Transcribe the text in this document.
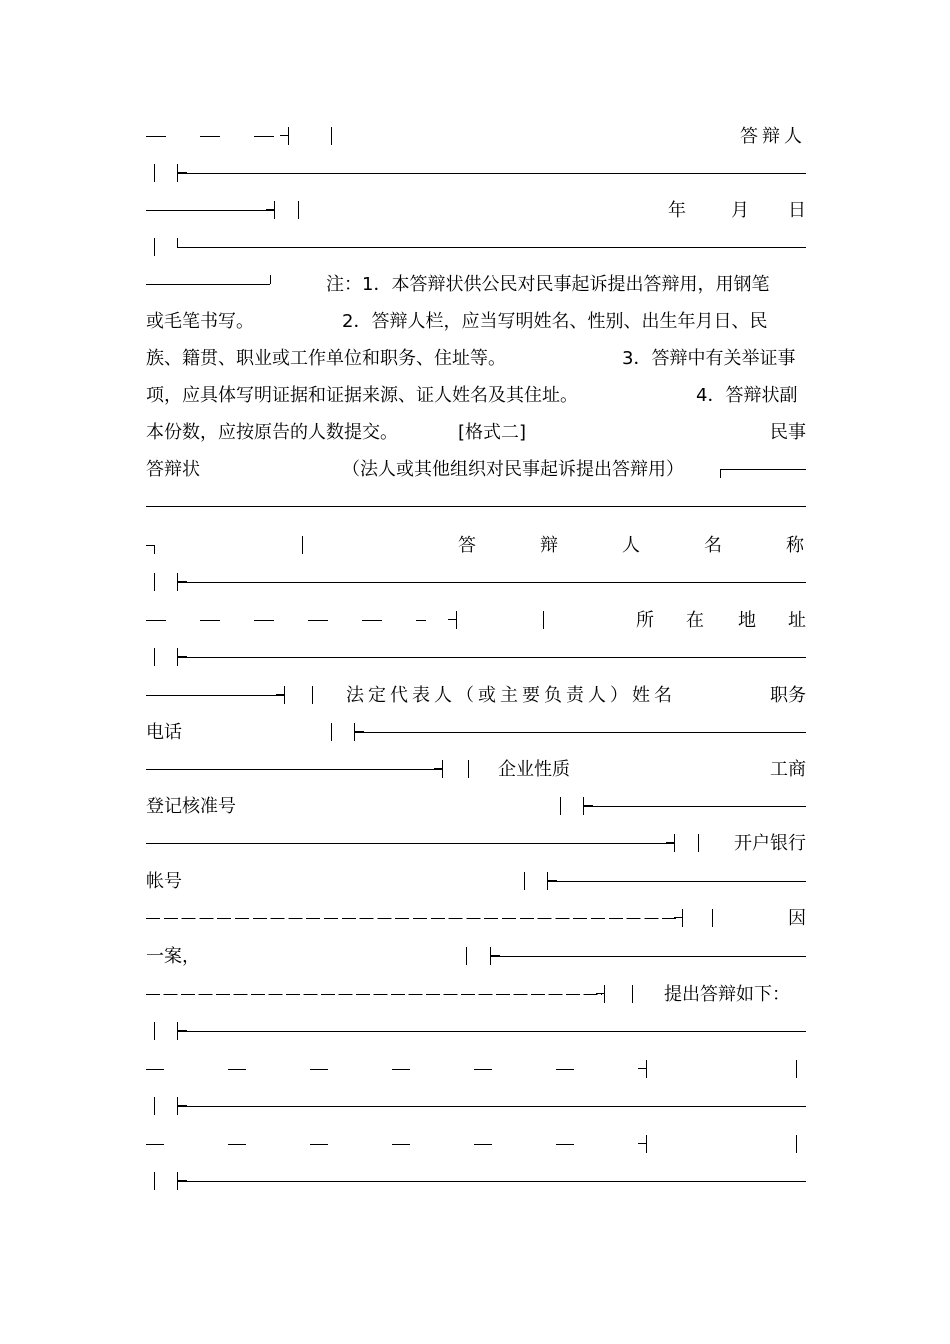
答辩人

年

	月

日

注：1．本答辩状供公民对民事起诉提出答辩用，用钢笔

或毛笔书写。

	2．答辩人栏，应当写明姓名、性别、出生年月日、民

族、籍贯、职业或工作单位和职务、住址等。

	3．答辩中有关举证事

项，应具体写明证据和证据来源、证人姓名及其住址。

	4．答辩状副

本份数，应按原告的人数提交。

	[格式二]

	民事

答辩状

	（法人或其他组织对民事起诉提出答辩用）

答

	辩

	人

	名

	称

所

在

地

址

法定代表人（或主要负责人）姓名

	职务

电话

企业性质

	工商

登记核准号

开户银行

帐号

因

一案，

提出答辩如下：
